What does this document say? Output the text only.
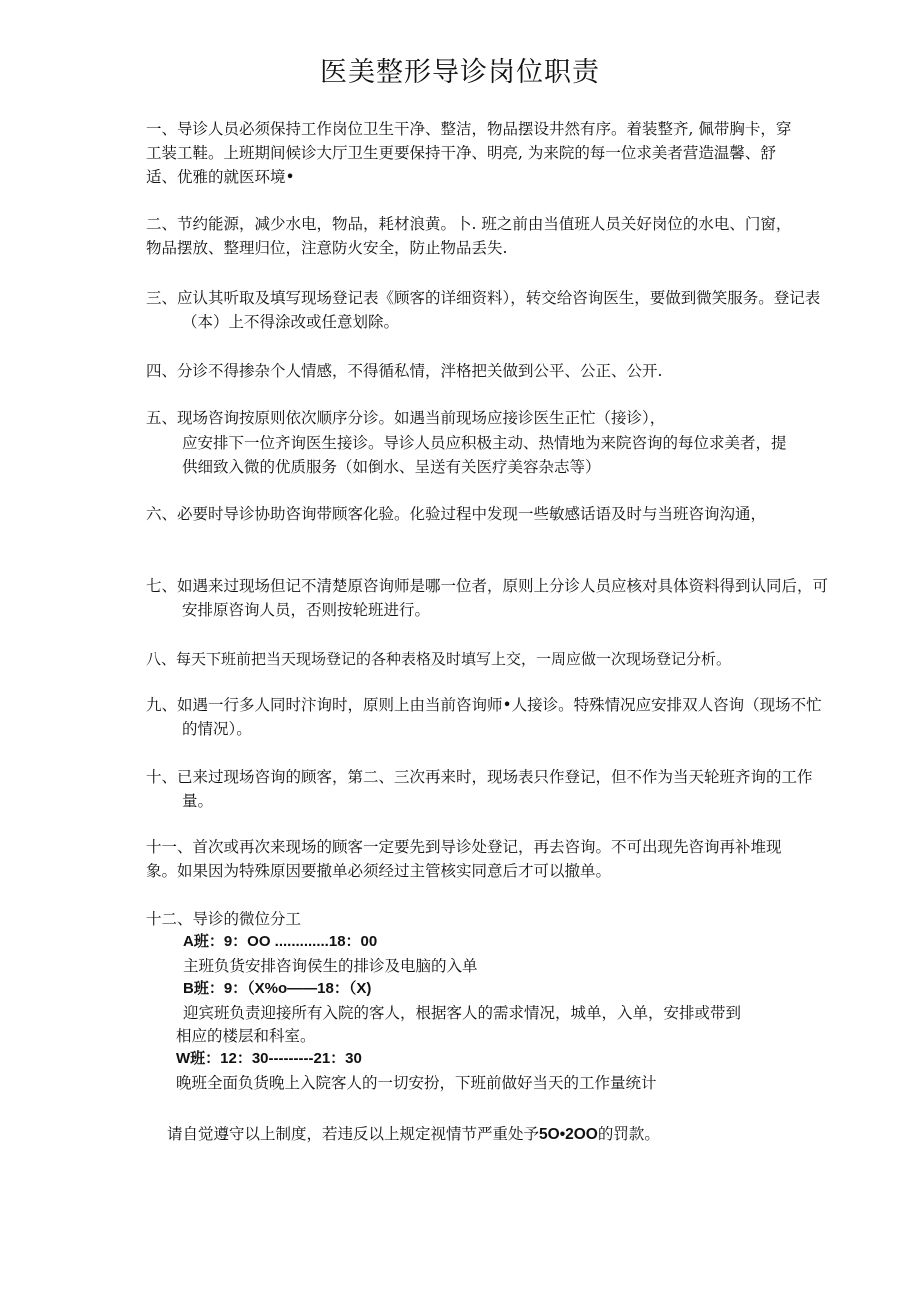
医美整形导诊岗位职责
一、导诊人员必须保持工作岗位卫生干净、整洁，物品摆设井然有序。着装整齐, 佩带胸卡，穿工装工鞋。上班期间候诊大厅卫生更要保持干净、明亮, 为来院的每一位求美者营造温馨、舒适、优雅的就医环境•
二、节约能源，减少水电，物品，耗材浪黄。卜. 班之前由当值班人员关好岗位的水电、门窗，物品摆放、整理归位，注意防火安全，防止物品丢失.
三、应认其听取及填写现场登记表《顾客的详细资料），转交给咨询医生，要做到微笑服务。登记表（本）上不得涂改或任意划除。
四、分诊不得掺杂个人情感，不得循私情，泮格把关做到公平、公正、公开.
五、现场咨询按原则依次顺序分诊。如遇当前现场应接诊医生正忙（接诊），
应安排下一位齐询医生接诊。导诊人员应积极主动、热情地为来院咨询的每位求美者，提供细致入微的优质服务（如倒水、呈送有关医疗美容杂志等）
六、必要时导诊协助咨询带顾客化验。化验过程中发现一些敏感话语及时与当班咨询沟通，
七、如遇来过现场但记不清楚原咨询师是哪一位者，原则上分诊人员应核对具体资料得到认同后，可安排原咨询人员，否则按轮班进行。
八、每天下班前把当天现场登记的各种表格及时填写上交，一周应做一次现场登记分析。
九、如遇一行多人同时汴询时，原则上由当前咨询师•人接诊。特殊情况应安排双人咨询（现场不忙的情况）。
十、已来过现场咨询的顾客，第二、三次再来时，现场表只作登记，但不作为当天轮班齐询的工作量。
十一、首次或再次来现场的顾客一定要先到导诊处登记，再去咨询。不可出现先咨询再补堆现象。如果因为特殊原因要撤单必须经过主管核实同意后才可以撤单。
十二、导诊的微位分工
A班：9：OO .............18：00
主班负货安排咨询侯生的排诊及电脑的入单
B班：9：（X%o——18：（X)
迎宾班负责迎接所有入院的客人，根据客人的需求情况，城单，入单，安排或带到
相应的楼层和科室。
W班：12：30---------21：30
晚班全面负货晚上入院客人的一切安扮，下班前做好当天的工作量统计
请自觉遵守以上制度，若违反以上规定视情节严重处予5O•2OO的罚款。
